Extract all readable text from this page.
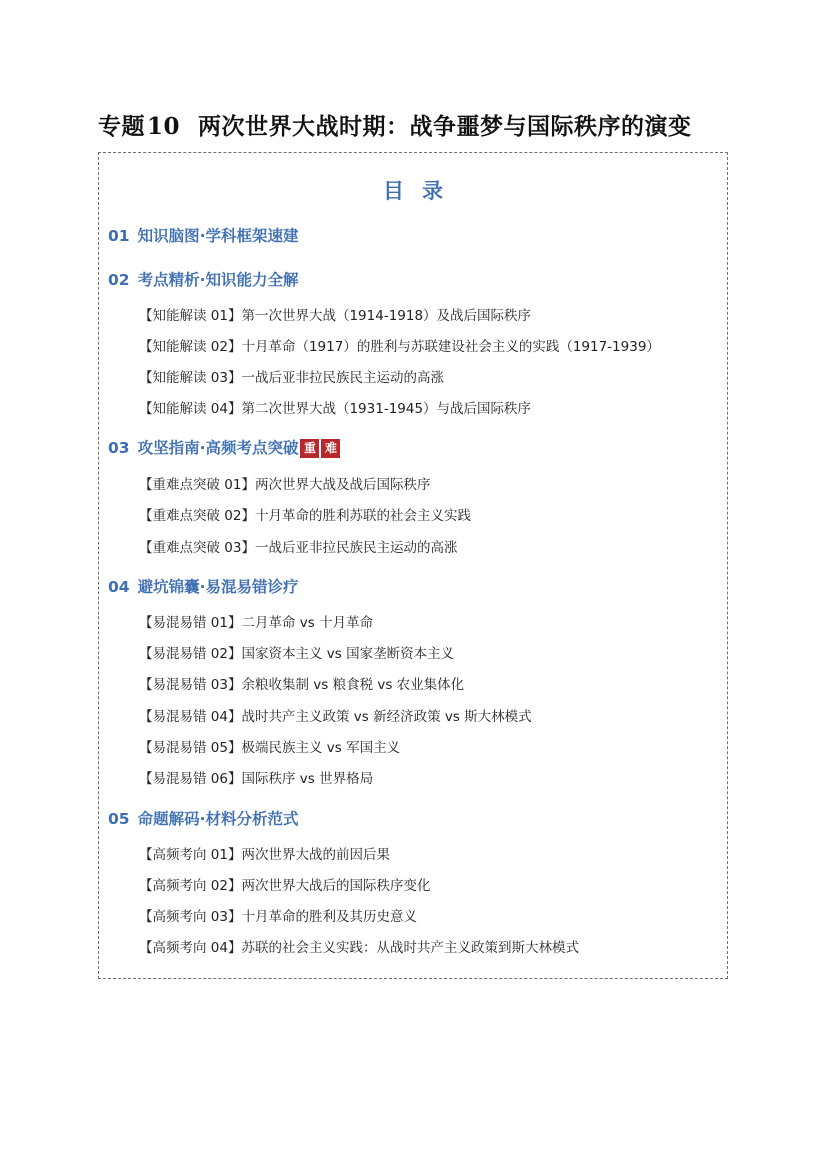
专题10 两次世界大战时期：战争噩梦与国际秩序的演变
目录
01 知识脑图·学科框架速建
02 考点精析·知识能力全解
【知能解读 01】第一次世界大战（1914-1918）及战后国际秩序
【知能解读 02】十月革命（1917）的胜利与苏联建设社会主义的实践（1917-1939）
【知能解读 03】一战后亚非拉民族民主运动的高涨
【知能解读 04】第二次世界大战（1931-1945）与战后国际秩序
03 攻坚指南·高频考点突破 重 难
【重难点突破 01】两次世界大战及战后国际秩序
【重难点突破 02】十月革命的胜利苏联的社会主义实践
【重难点突破 03】一战后亚非拉民族民主运动的高涨
04 避坑锦囊·易混易错诊疗
【易混易错 01】二月革命 vs 十月革命
【易混易错 02】国家资本主义 vs 国家垄断资本主义
【易混易错 03】余粮收集制 vs 粮食税 vs 农业集体化
【易混易错 04】战时共产主义政策 vs 新经济政策 vs 斯大林模式
【易混易错 05】极端民族主义 vs 军国主义
【易混易错 06】国际秩序 vs 世界格局
05 命题解码·材料分析范式
【高频考向 01】两次世界大战的前因后果
【高频考向 02】两次世界大战后的国际秩序变化
【高频考向 03】十月革命的胜利及其历史意义
【高频考向 04】苏联的社会主义实践：从战时共产主义政策到斯大林模式
